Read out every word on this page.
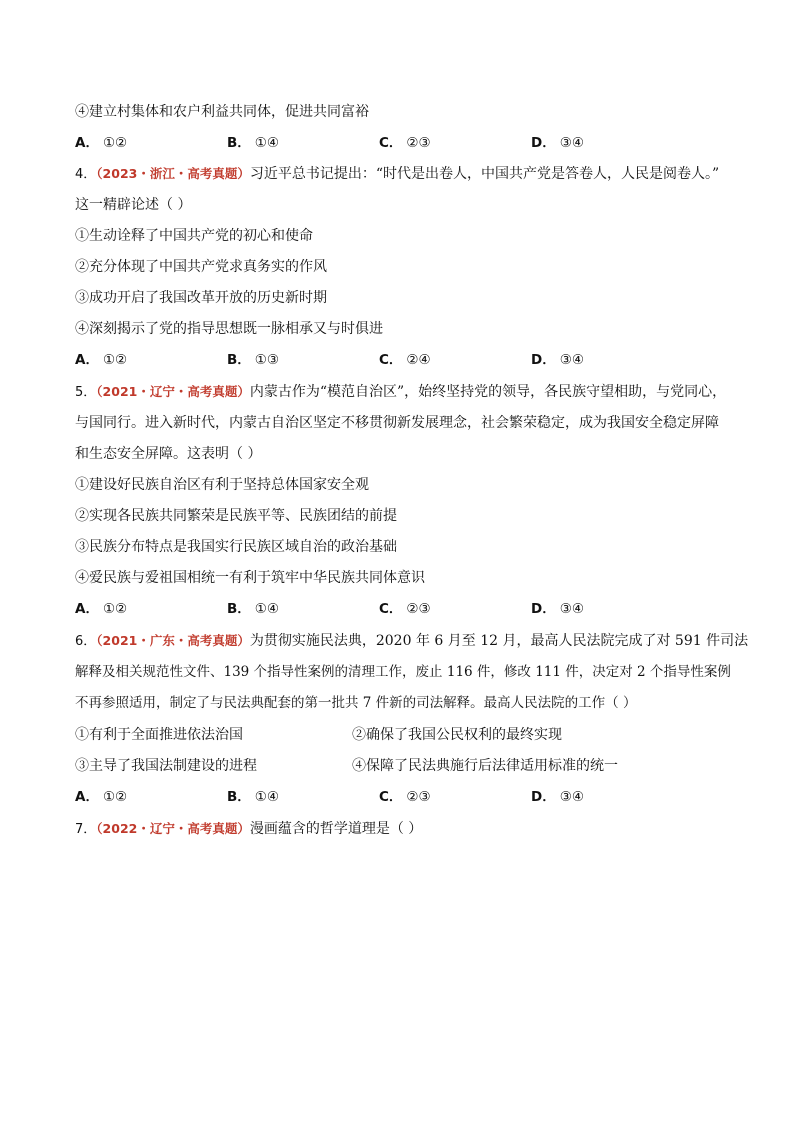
④建立村集体和农户利益共同体，促进共同富裕
A． ①②	B． ①④	C． ②③	D． ③④
4．（2023・浙江・高考真题）习近平总书记提出：“时代是出卷人，中国共产党是答卷人，人民是阅卷人。”
这一精辟论述（ ）
①生动诠释了中国共产党的初心和使命
②充分体现了中国共产党求真务实的作风
③成功开启了我国改革开放的历史新时期
④深刻揭示了党的指导思想既一脉相承又与时俱进
A． ①②	B． ①③	C． ②④	D． ③④
5．（2021・辽宁・高考真题）内蒙古作为“模范自治区”，始终坚持党的领导，各民族守望相助，与党同心，
与国同行。进入新时代，内蒙古自治区坚定不移贯彻新发展理念，社会繁荣稳定，成为我国安全稳定屏障
和生态安全屏障。这表明（ ）
①建设好民族自治区有利于坚持总体国家安全观
②实现各民族共同繁荣是民族平等、民族团结的前提
③民族分布特点是我国实行民族区域自治的政治基础
④爱民族与爱祖国相统一有利于筑牢中华民族共同体意识
A． ①②	B． ①④	C． ②③	D． ③④
6．（2021・广东・高考真题）为贯彻实施民法典，2020 年 6 月至 12 月，最高人民法院完成了对 591 件司法
解释及相关规范性文件、139 个指导性案例的清理工作，废止 116 件，修改 111 件，决定对 2 个指导性案例
不再参照适用，制定了与民法典配套的第一批共 7 件新的司法解释。最高人民法院的工作（ ）
①有利于全面推进依法治国	②确保了我国公民权利的最终实现
③主导了我国法制建设的进程	④保障了民法典施行后法律适用标准的统一
A． ①②	B． ①④	C． ②③	D． ③④
7．（2022・辽宁・高考真题）漫画蕴含的哲学道理是（ ）
